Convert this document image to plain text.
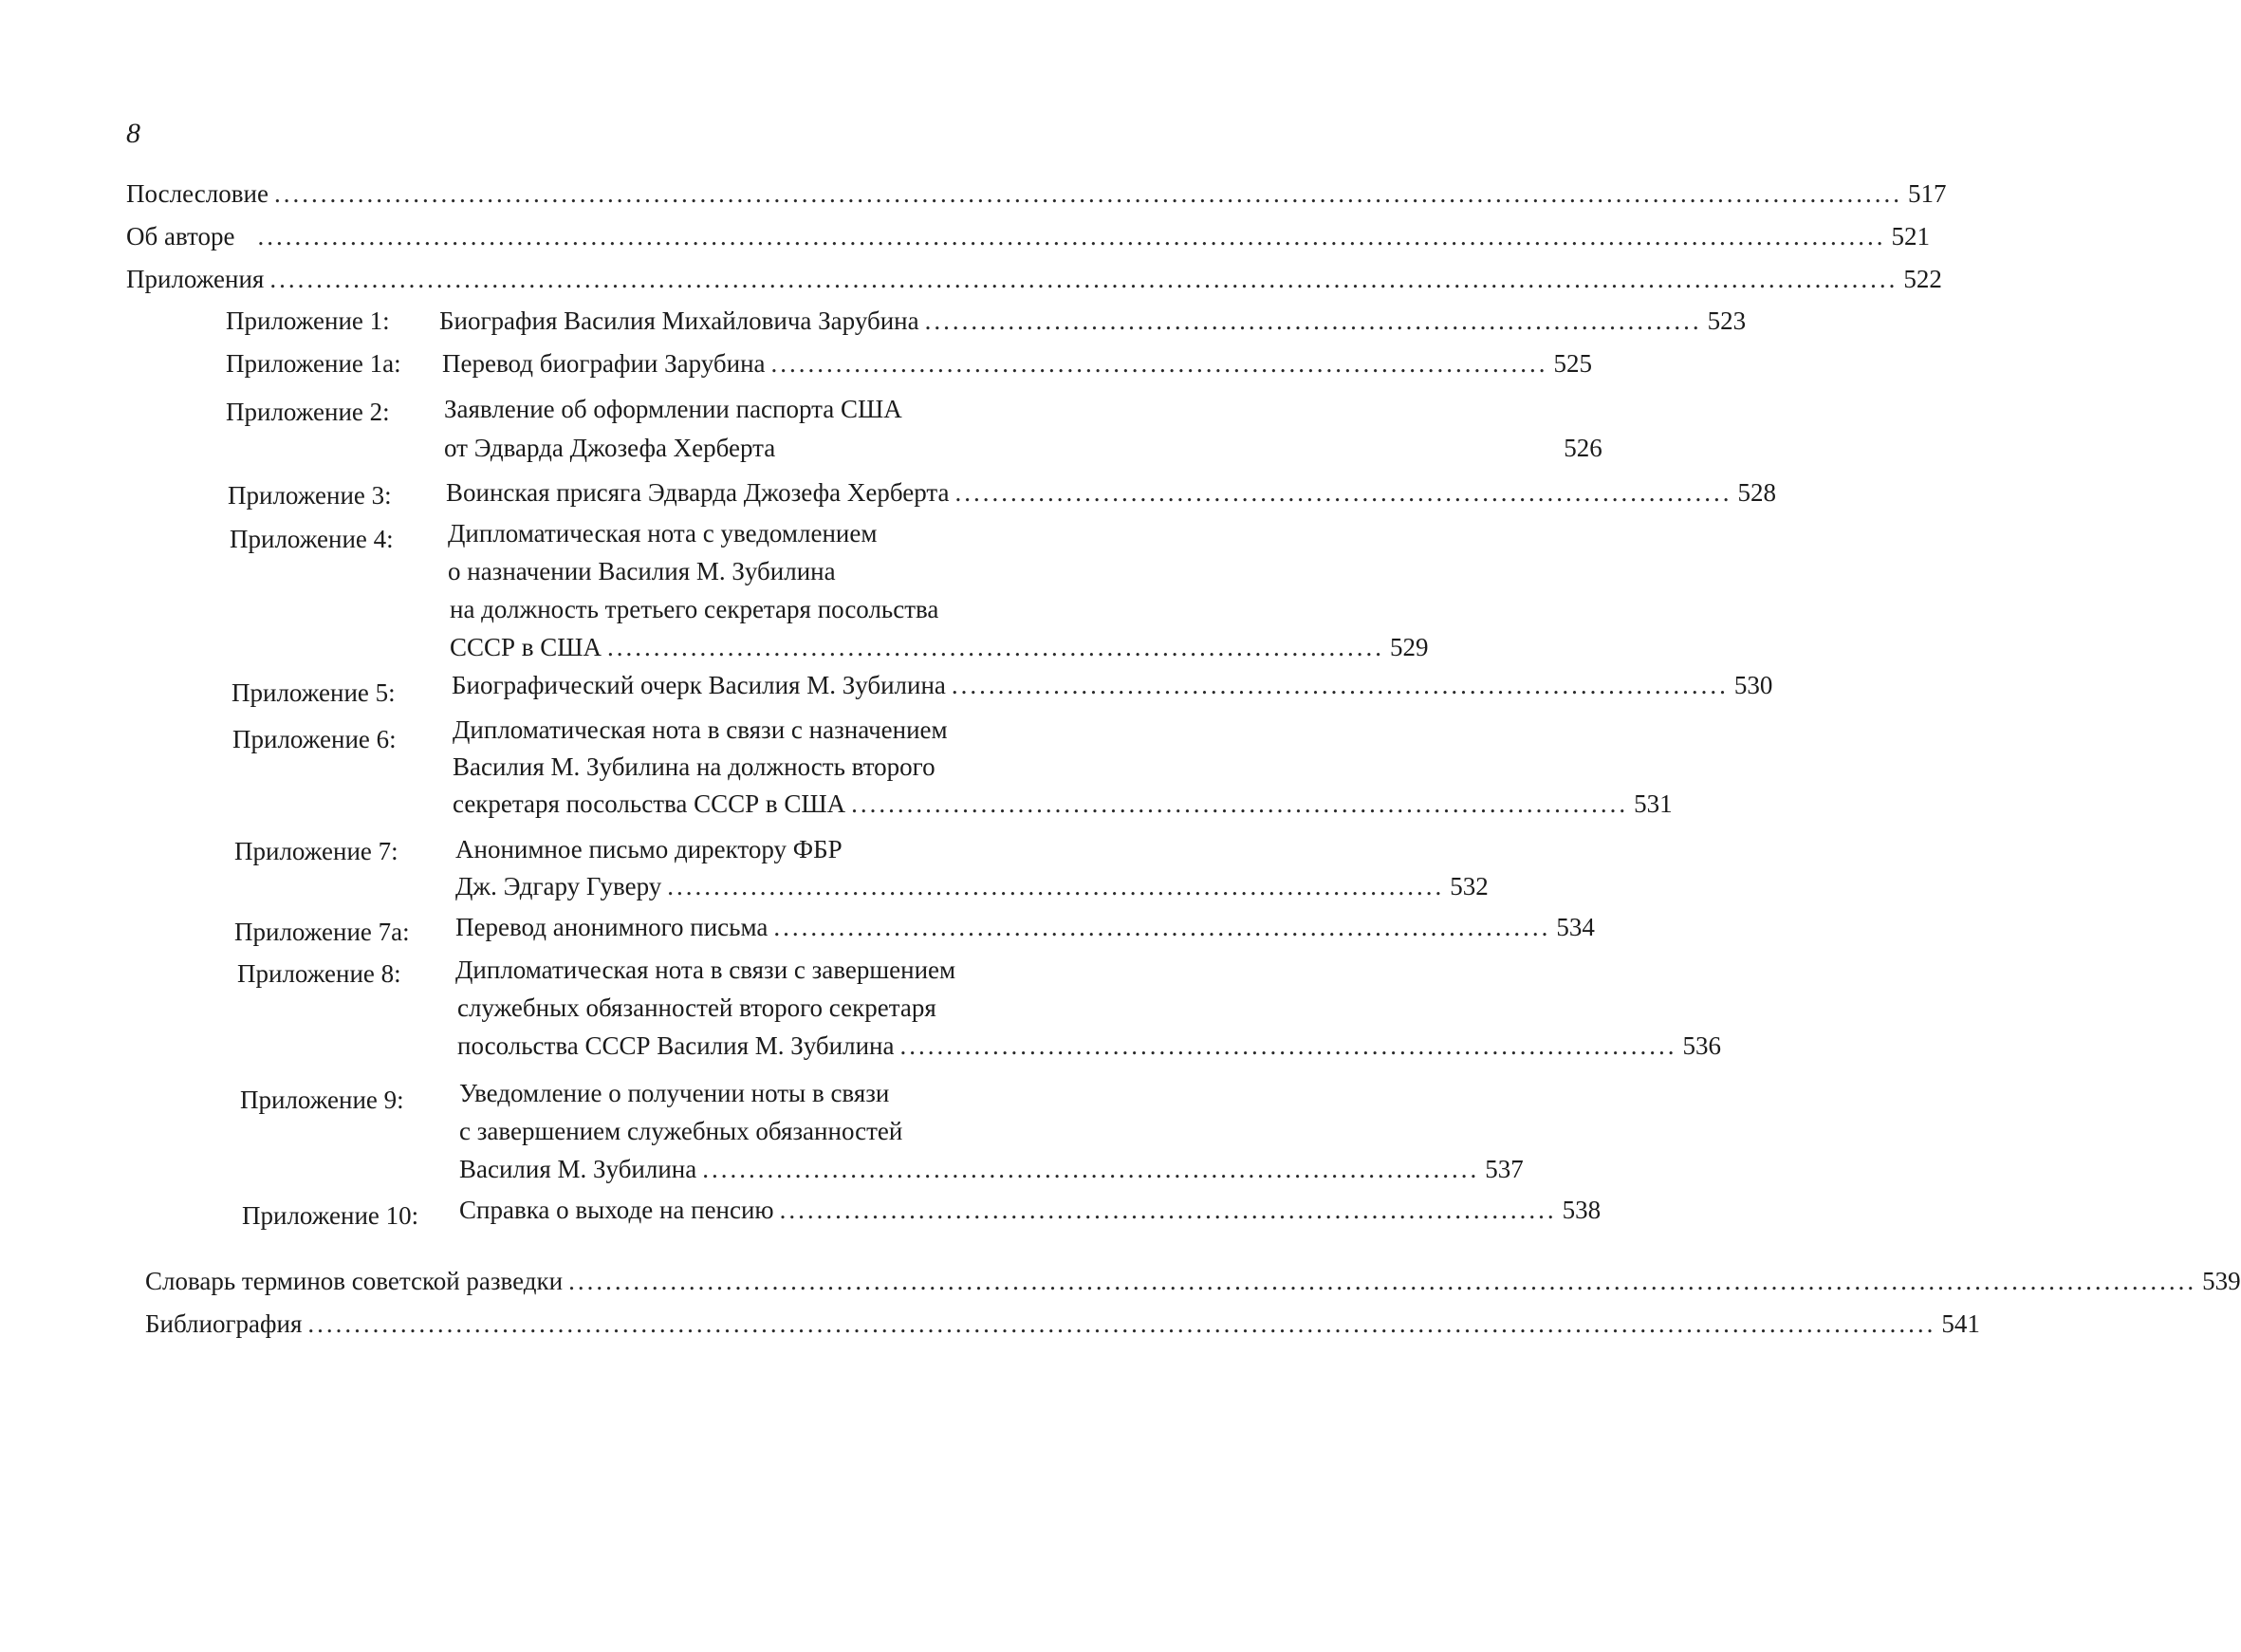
8
Послесловие ................................................................................................................................................................................ 517
Об авторе ................................................................................................................................................................................ 521
Приложения ................................................................................................................................................................................ 522
Приложение 1: Биография Василия Михайловича Зарубина .................................................................................... 523
Приложение 1а: Перевод биографии Зарубина .................................................................................... 525
Приложение 2: Заявление об оформлении паспорта США
от Эдварда Джозефа Херберта	526
Приложение 3: Воинская присяга Эдварда Джозефа Херберта .................................................................................... 528
Приложение 4: Дипломатическая нота с уведомлением
о назначении Василия М. Зубилина
на должность третьего секретаря посольства
СССР в США .................................................................................... 529
Приложение 5: Биографический очерк Василия М. Зубилина .................................................................................... 530
Приложение 6: Дипломатическая нота в связи с назначением
Василия М. Зубилина на должность второго
секретаря посольства СССР в США .................................................................................... 531
Приложение 7: Анонимное письмо директору ФБР
Дж. Эдгару Гуверу .................................................................................... 532
Приложение 7а: Перевод анонимного письма .................................................................................... 534
Приложение 8: Дипломатическая нота в связи с завершением
служебных обязанностей второго секретаря
посольства СССР Василия М. Зубилина .................................................................................... 536
Приложение 9: Уведомление о получении ноты в связи
с завершением служебных обязанностей
Василия М. Зубилина .................................................................................... 537
Приложение 10: Справка о выходе на пенсию .................................................................................... 538
Словарь терминов советской разведки ................................................................................................................................................................................ 539
Библиография ................................................................................................................................................................................ 541
